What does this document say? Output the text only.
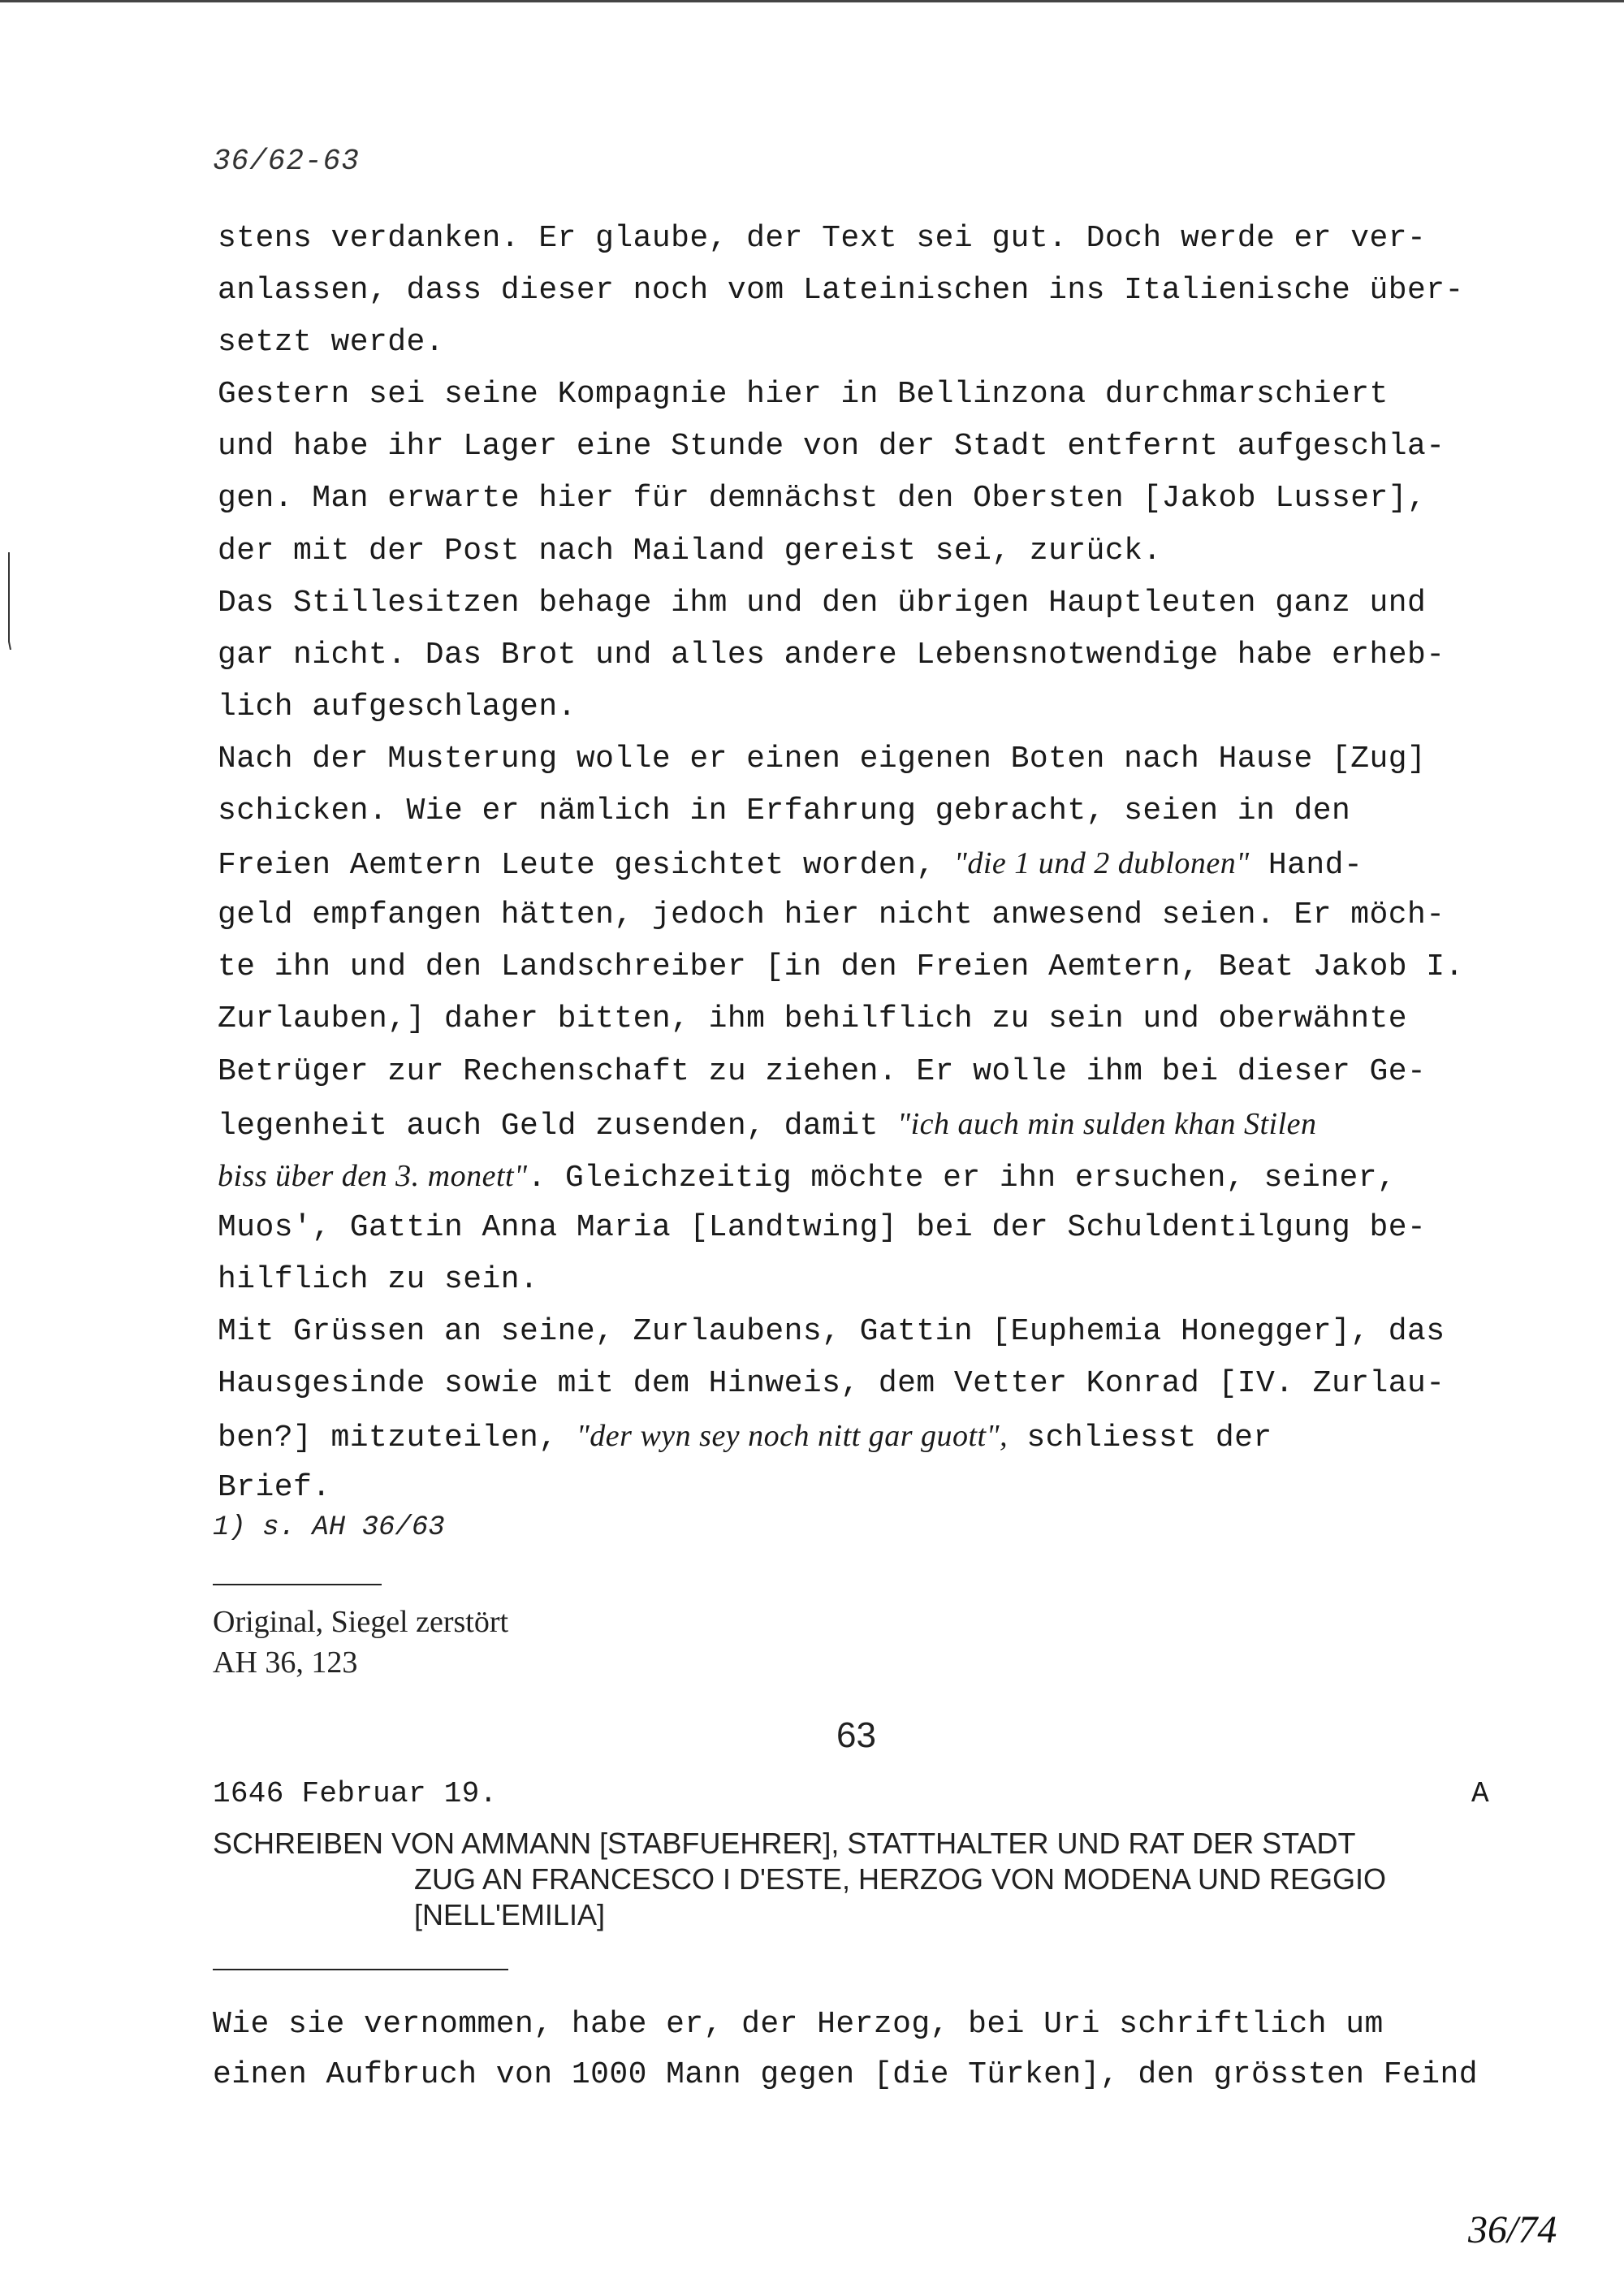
36/62-63
stens verdanken. Er glaube, der Text sei gut. Doch werde er ver-
anlassen, dass dieser noch vom Lateinischen ins Italienische über-
setzt werde.
Gestern sei seine Kompagnie hier in Bellinzona durchmarschiert
und habe ihr Lager eine Stunde von der Stadt entfernt aufgeschla-
gen. Man erwarte hier für demnächst den Obersten [Jakob Lusser],
der mit der Post nach Mailand gereist sei, zurück.
Das Stillesitzen behage ihm und den übrigen Hauptleuten ganz und
gar nicht. Das Brot und alles andere Lebensnotwendige habe erheb-
lich aufgeschlagen.
Nach der Musterung wolle er einen eigenen Boten nach Hause [Zug]
schicken. Wie er nämlich in Erfahrung gebracht, seien in den
Freien Aemtern Leute gesichtet worden, "die 1 und 2 dublonen" Hand-
geld empfangen hätten, jedoch hier nicht anwesend seien. Er möch-
te ihn und den Landschreiber [in den Freien Aemtern, Beat Jakob I.
Zurlauben,] daher bitten, ihm behilflich zu sein und oberwähnte
Betrüger zur Rechenschaft zu ziehen. Er wolle ihm bei dieser Ge-
legenheit auch Geld zusenden, damit "ich auch min sulden khan Stilen
biss über den 3. monett". Gleichzeitig möchte er ihn ersuchen, seiner,
Muos', Gattin Anna Maria [Landtwing] bei der Schuldentilgung be-
hilflich zu sein.
Mit Grüssen an seine, Zurlaubens, Gattin [Euphemia Honegger], das
Hausgesinde sowie mit dem Hinweis, dem Vetter Konrad [IV. Zurlau-
ben?] mitzuteilen, "der wyn sey noch nitt gar guott", schliesst der
Brief.
1) s. AH 36/63
Original, Siegel zerstört
AH 36, 123
63
1646 Februar 19.	A
SCHREIBEN VON AMMANN [STABFUEHRER], STATTHALTER UND RAT DER STADT
ZUG AN FRANCESCO I D'ESTE, HERZOG VON MODENA UND REGGIO
[NELL'EMILIA]
Wie sie vernommen, habe er, der Herzog, bei Uri schriftlich um
einen Aufbruch von 1000 Mann gegen [die Türken], den grössten Feind
36/74
